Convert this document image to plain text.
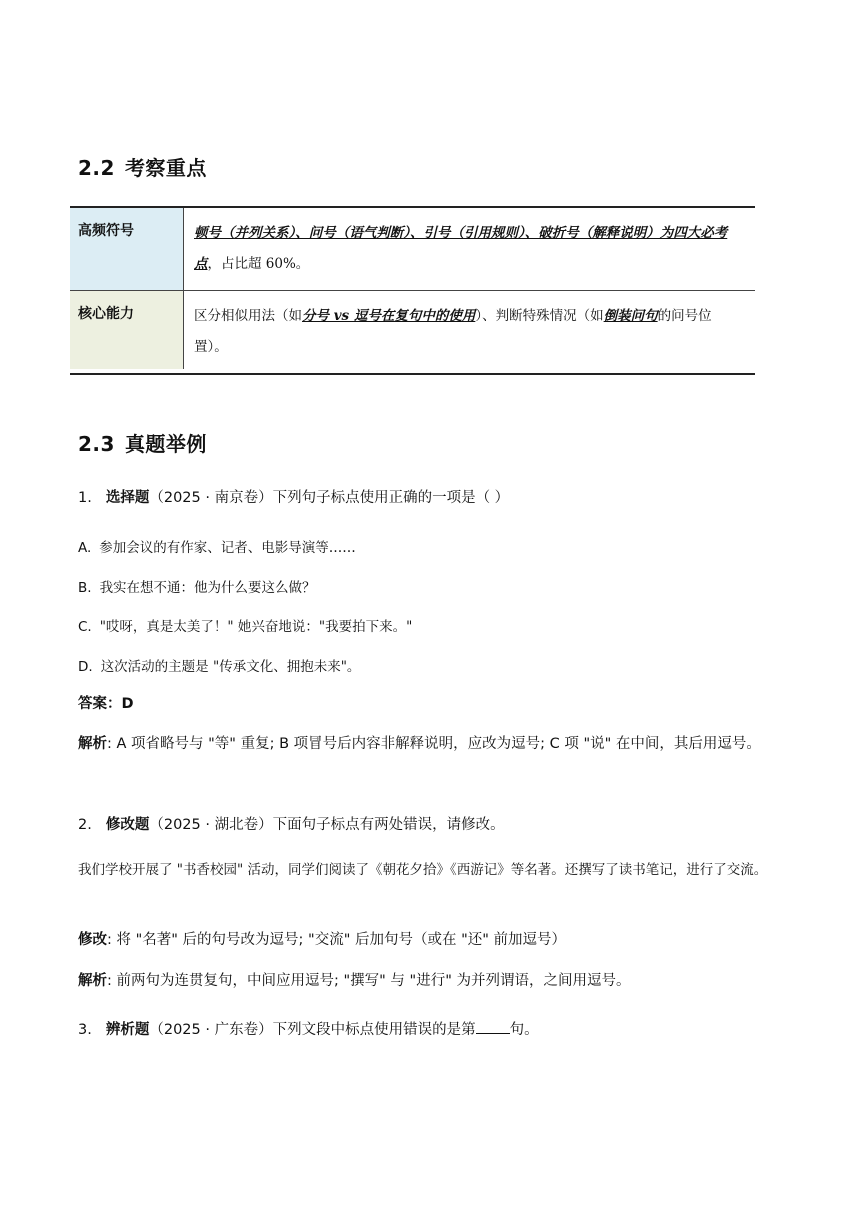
2.2 考察重点
高频符号	顿号（并列关系）、问号（语气判断）、引号（引用规则）、破折号（解释说明）为四大必考点，占比超 60%。
核心能力	区分相似用法（如分号 vs 逗号在复句中的使用）、判断特殊情况（如倒装问句的问号位置）。
2.3 真题举例
1. 选择题（2025 · 南京卷）下列句子标点使用正确的一项是（ ）
A. 参加会议的有作家、记者、电影导演等……
B. 我实在想不通：他为什么要这么做？
C. "哎呀，真是太美了！" 她兴奋地说："我要拍下来。"
D. 这次活动的主题是 "传承文化、拥抱未来"。
答案：D
解析: A 项省略号与 "等" 重复; B 项冒号后内容非解释说明，应改为逗号; C 项 "说" 在中间，其后用逗号。
2. 修改题（2025 · 湖北卷）下面句子标点有两处错误，请修改。
我们学校开展了 "书香校园" 活动，同学们阅读了《朝花夕拾》《西游记》等名著。还撰写了读书笔记，进行了交流。
修改: 将 "名著" 后的句号改为逗号; "交流" 后加句号（或在 "还" 前加逗号）
解析: 前两句为连贯复句，中间应用逗号; "撰写" 与 "进行" 为并列谓语，之间用逗号。
3. 辨析题（2025 · 广东卷）下列文段中标点使用错误的是第 句。
